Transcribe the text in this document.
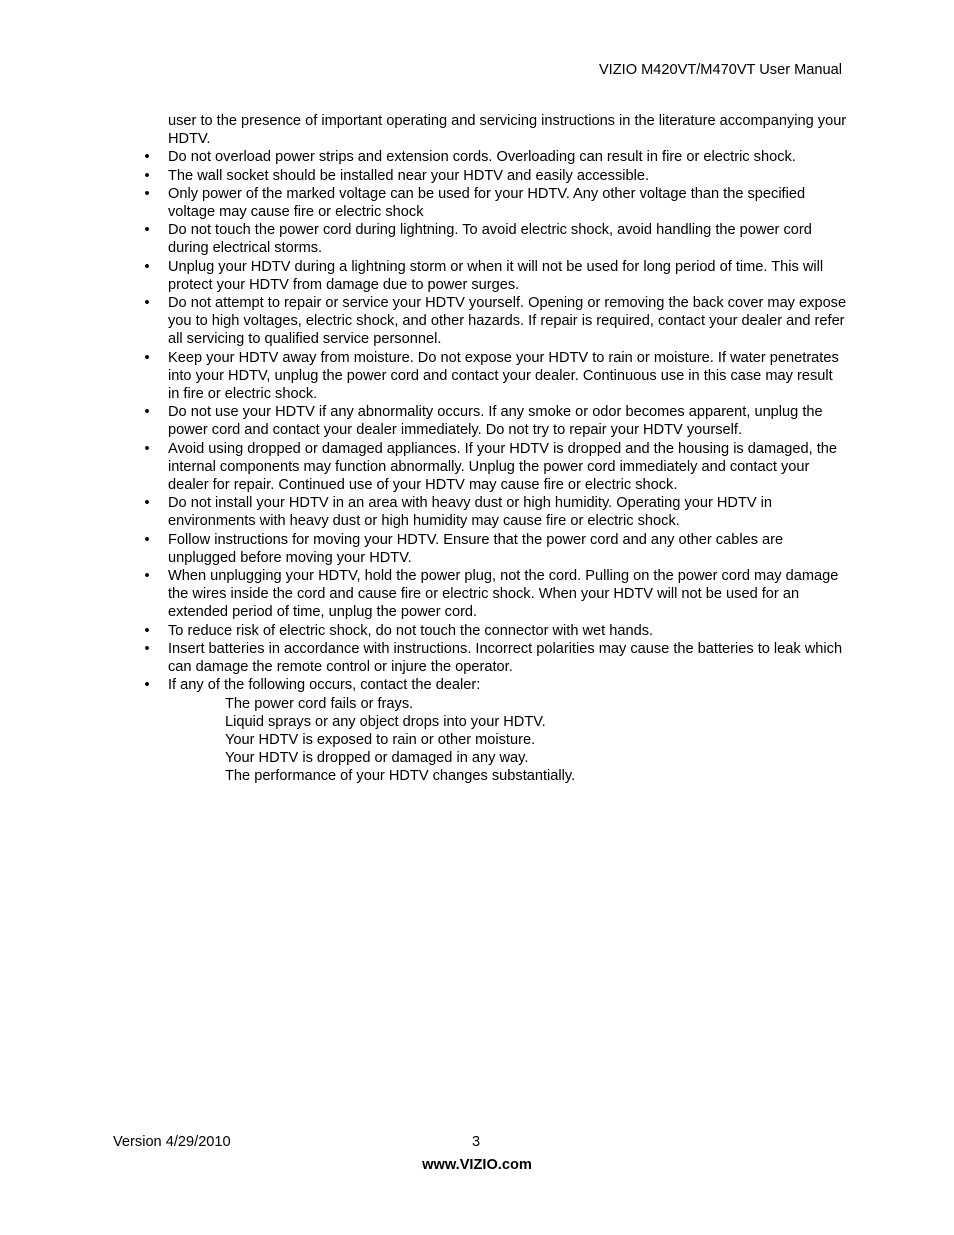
VIZIO M420VT/M470VT User Manual

user to the presence of important operating and servicing instructions in the literature accompanying your HDTV.

• Do not overload power strips and extension cords. Overloading can result in fire or electric shock.
• The wall socket should be installed near your HDTV and easily accessible.
• Only power of the marked voltage can be used for your HDTV. Any other voltage than the specified voltage may cause fire or electric shock
• Do not touch the power cord during lightning. To avoid electric shock, avoid handling the power cord during electrical storms.
• Unplug your HDTV during a lightning storm or when it will not be used for long period of time. This will protect your HDTV from damage due to power surges.
• Do not attempt to repair or service your HDTV yourself. Opening or removing the back cover may expose you to high voltages, electric shock, and other hazards. If repair is required, contact your dealer and refer all servicing to qualified service personnel.
• Keep your HDTV away from moisture. Do not expose your HDTV to rain or moisture. If water penetrates into your HDTV, unplug the power cord and contact your dealer. Continuous use in this case may result in fire or electric shock.
• Do not use your HDTV if any abnormality occurs. If any smoke or odor becomes apparent, unplug the power cord and contact your dealer immediately. Do not try to repair your HDTV yourself.
• Avoid using dropped or damaged appliances. If your HDTV is dropped and the housing is damaged, the internal components may function abnormally. Unplug the power cord immediately and contact your dealer for repair. Continued use of your HDTV may cause fire or electric shock.
• Do not install your HDTV in an area with heavy dust or high humidity. Operating your HDTV in environments with heavy dust or high humidity may cause fire or electric shock.
• Follow instructions for moving your HDTV. Ensure that the power cord and any other cables are unplugged before moving your HDTV.
• When unplugging your HDTV, hold the power plug, not the cord. Pulling on the power cord may damage the wires inside the cord and cause fire or electric shock. When your HDTV will not be used for an extended period of time, unplug the power cord.
• To reduce risk of electric shock, do not touch the connector with wet hands.
• Insert batteries in accordance with instructions. Incorrect polarities may cause the batteries to leak which can damage the remote control or injure the operator.
• If any of the following occurs, contact the dealer:
The power cord fails or frays.
Liquid sprays or any object drops into your HDTV.
Your HDTV is exposed to rain or other moisture.
Your HDTV is dropped or damaged in any way.
The performance of your HDTV changes substantially.
Version 4/29/2010	3
www.VIZIO.com
